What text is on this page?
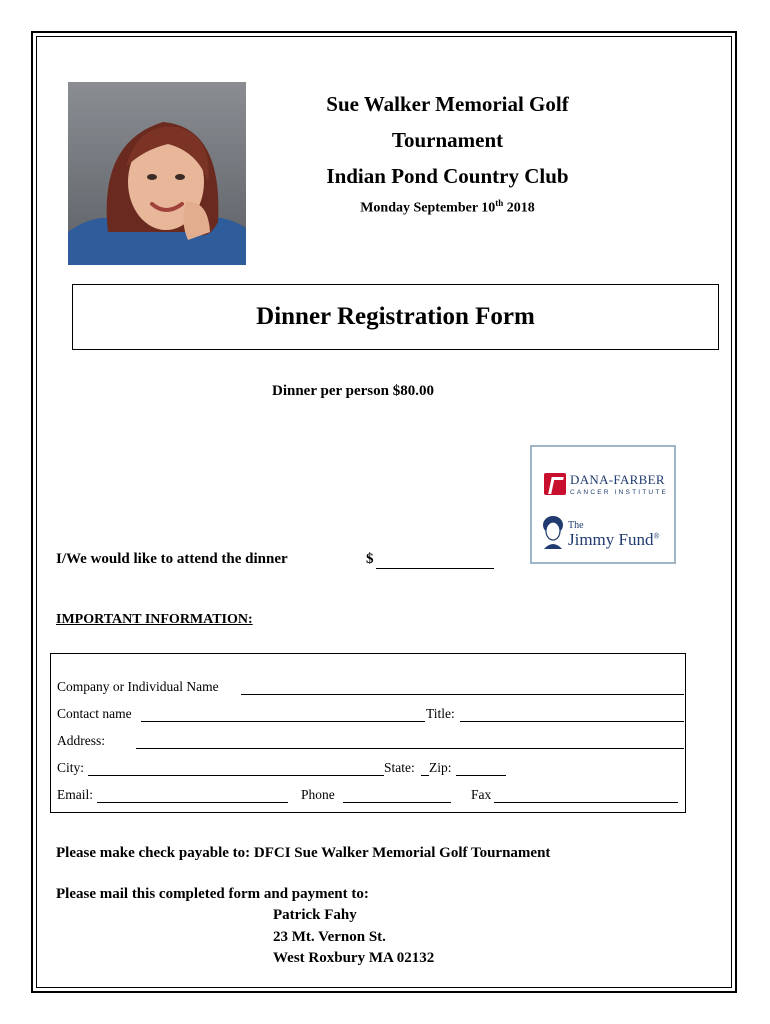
Sue Walker Memorial Golf
Tournament
Indian Pond Country Club
Monday September 10th 2018
Dinner Registration Form
Dinner per person $80.00
DANA-FARBER
CANCER INSTITUTE
The
Jimmy Fund®
I/We would like to attend the dinner	$
IMPORTANT INFORMATION:
Company or Individual Name
Contact name	Title:
Address:
City:	State: Zip:
Email:	Phone	Fax
Please make check payable to: DFCI Sue Walker Memorial Golf Tournament
Please mail this completed form and payment to:
Patrick Fahy
23 Mt. Vernon St.
West Roxbury MA 02132
